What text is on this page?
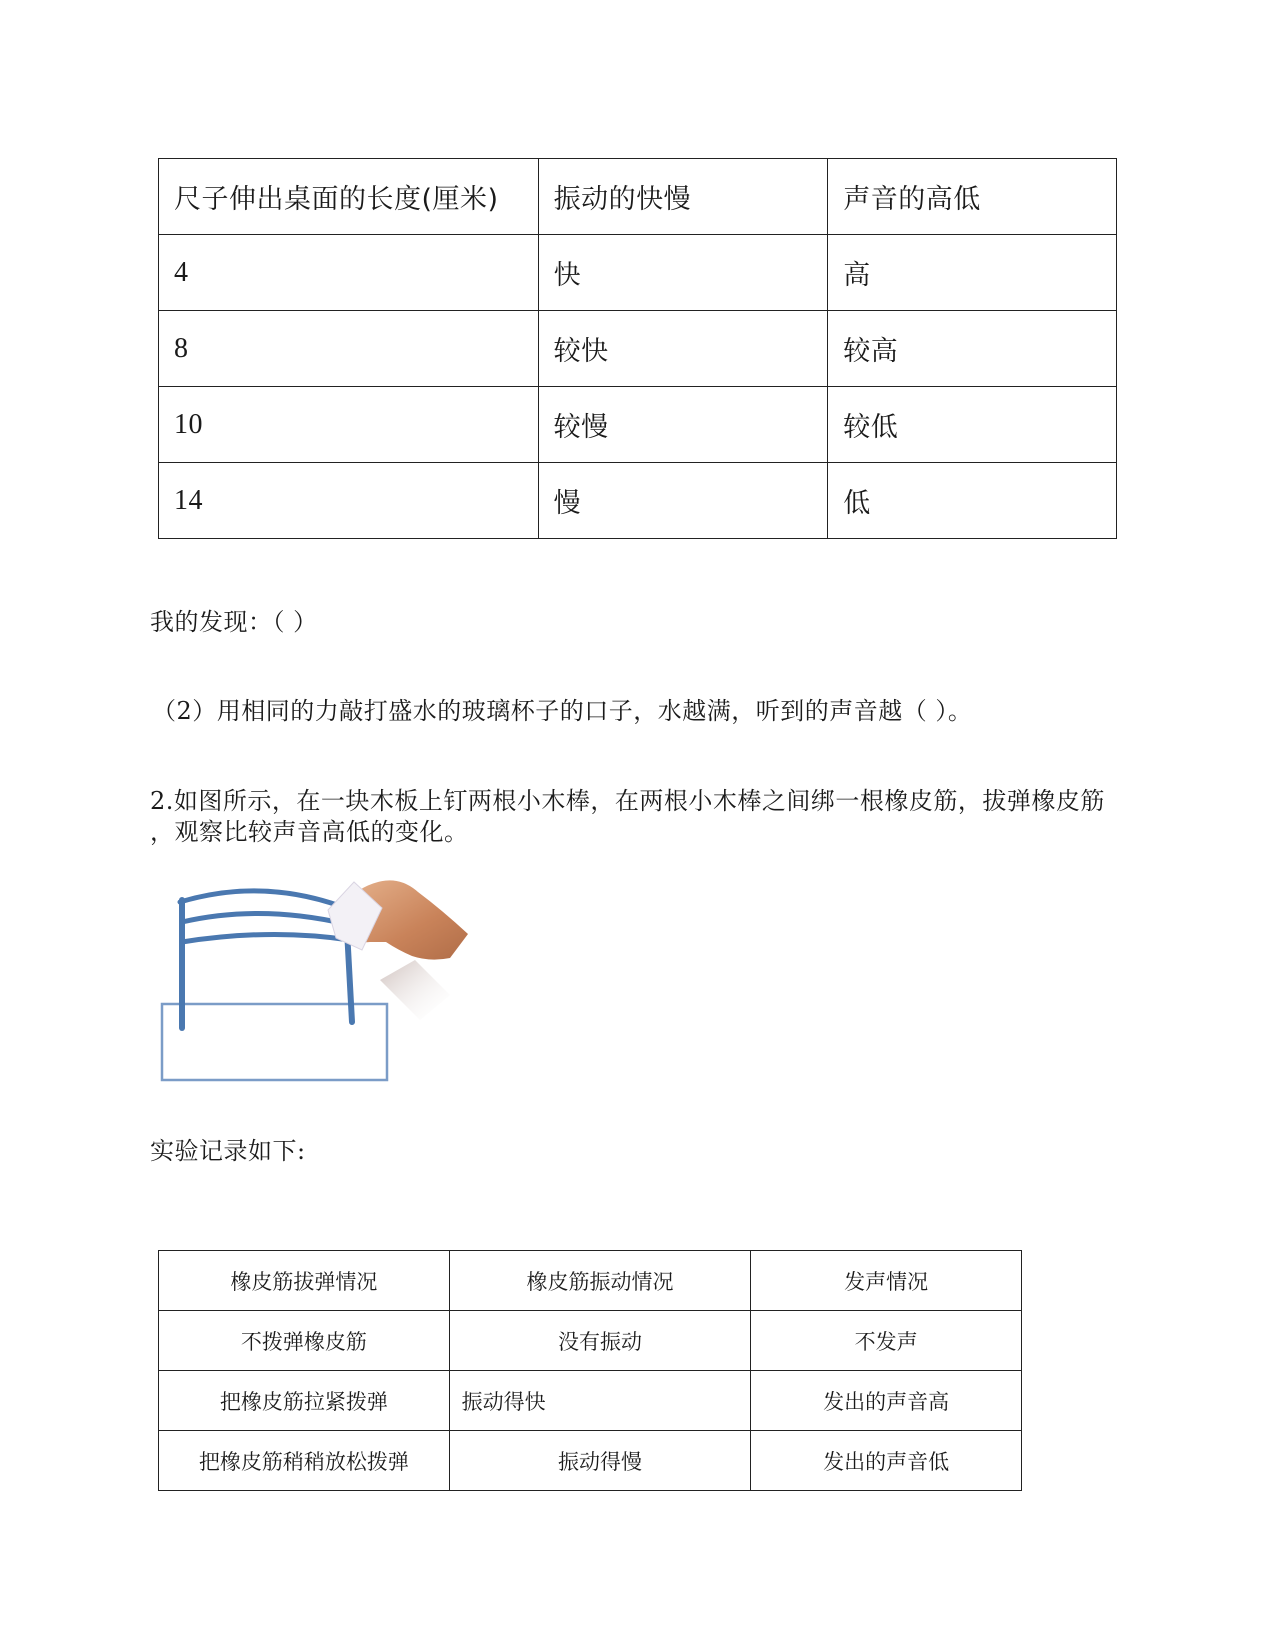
尺子伸出桌面的长度(厘米)	振动的快慢	声音的高低
4	快	高
8	较快	较高
10	较慢	较低
14	慢	低
我的发现：（ ）
（2）用相同的力敲打盛水的玻璃杯子的口子，水越满，听到的声音越（ ）。
2.如图所示，在一块木板上钉两根小木棒，在两根小木棒之间绑一根橡皮筋，拔弹橡皮筋
，观察比较声音高低的变化。
实验记录如下:
橡皮筋拔弹情况	橡皮筋振动情况	发声情况
不拨弹橡皮筋	没有振动	不发声
把橡皮筋拉紧拨弹	振动得快	发出的声音高
把橡皮筋稍稍放松拨弹	振动得慢	发出的声音低
